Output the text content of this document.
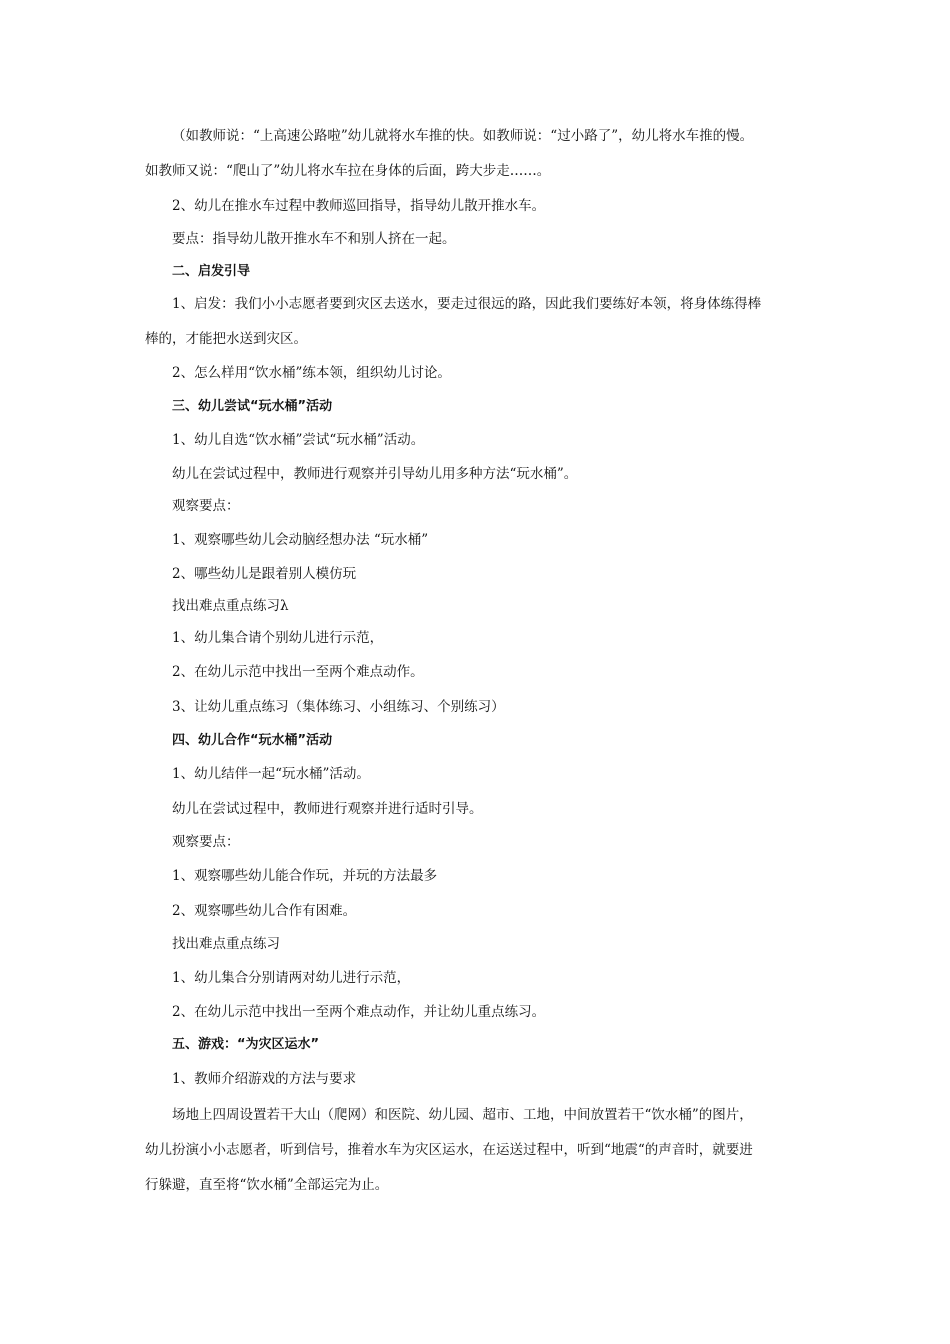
（如教师说：“上高速公路啦”幼儿就将水车推的快。如教师说：“过小路了”，幼儿将水车推的慢。

如教师又说：“爬山了”幼儿将水车拉在身体的后面，跨大步走……。

2、幼儿在推水车过程中教师巡回指导，指导幼儿散开推水车。

要点：指导幼儿散开推水车不和别人挤在一起。

二、启发引导

1、启发：我们小小志愿者要到灾区去送水，要走过很远的路，因此我们要练好本领，将身体练得棒

棒的，才能把水送到灾区。

2、怎么样用“饮水桶”练本领，组织幼儿讨论。

三、幼儿尝试“玩水桶”活动

1、幼儿自选“饮水桶”尝试“玩水桶”活动。

幼儿在尝试过程中，教师进行观察并引导幼儿用多种方法“玩水桶”。

观察要点：

1、观察哪些幼儿会动脑经想办法 “玩水桶”

2、哪些幼儿是跟着别人模仿玩

找出难点重点练习λ

1、幼儿集合请个别幼儿进行示范，

2、在幼儿示范中找出一至两个难点动作。

3、让幼儿重点练习（集体练习、小组练习、个别练习）

四、幼儿合作“玩水桶”活动

1、幼儿结伴一起“玩水桶”活动。

幼儿在尝试过程中，教师进行观察并进行适时引导。

观察要点：

1、观察哪些幼儿能合作玩，并玩的方法最多

2、观察哪些幼儿合作有困难。

找出难点重点练习

1、幼儿集合分别请两对幼儿进行示范，

2、在幼儿示范中找出一至两个难点动作，并让幼儿重点练习。

五、游戏：“为灾区运水”

1、教师介绍游戏的方法与要求

场地上四周设置若干大山（爬网）和医院、幼儿园、超市、工地，中间放置若干“饮水桶”的图片，

幼儿扮演小小志愿者，听到信号，推着水车为灾区运水，在运送过程中，听到“地震“的声音时，就要进

行躲避，直至将“饮水桶”全部运完为止。
